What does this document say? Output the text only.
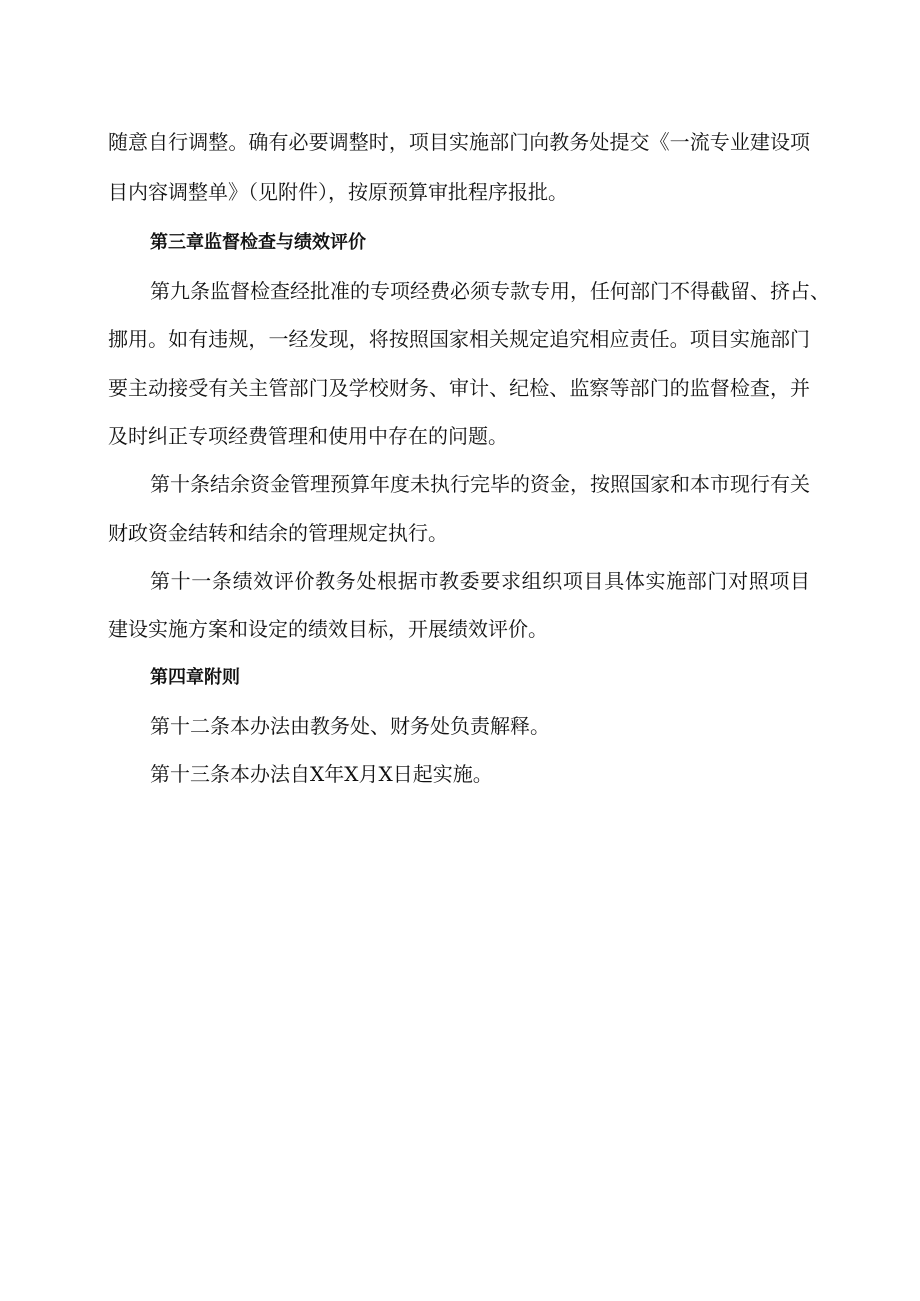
随意自行调整。确有必要调整时，项目实施部门向教务处提交《一流专业建设项

目内容调整单》（见附件），按原预算审批程序报批。

第三章监督检查与绩效评价

第九条监督检查经批准的专项经费必须专款专用，任何部门不得截留、挤占、

挪用。如有违规，一经发现，将按照国家相关规定追究相应责任。项目实施部门

要主动接受有关主管部门及学校财务、审计、纪检、监察等部门的监督检查，并

及时纠正专项经费管理和使用中存在的问题。

第十条结余资金管理预算年度未执行完毕的资金，按照国家和本市现行有关

财政资金结转和结余的管理规定执行。

第十一条绩效评价教务处根据市教委要求组织项目具体实施部门对照项目

建设实施方案和设定的绩效目标，开展绩效评价。

第四章附则

第十二条本办法由教务处、财务处负责解释。

第十三条本办法自X年X月X日起实施。
